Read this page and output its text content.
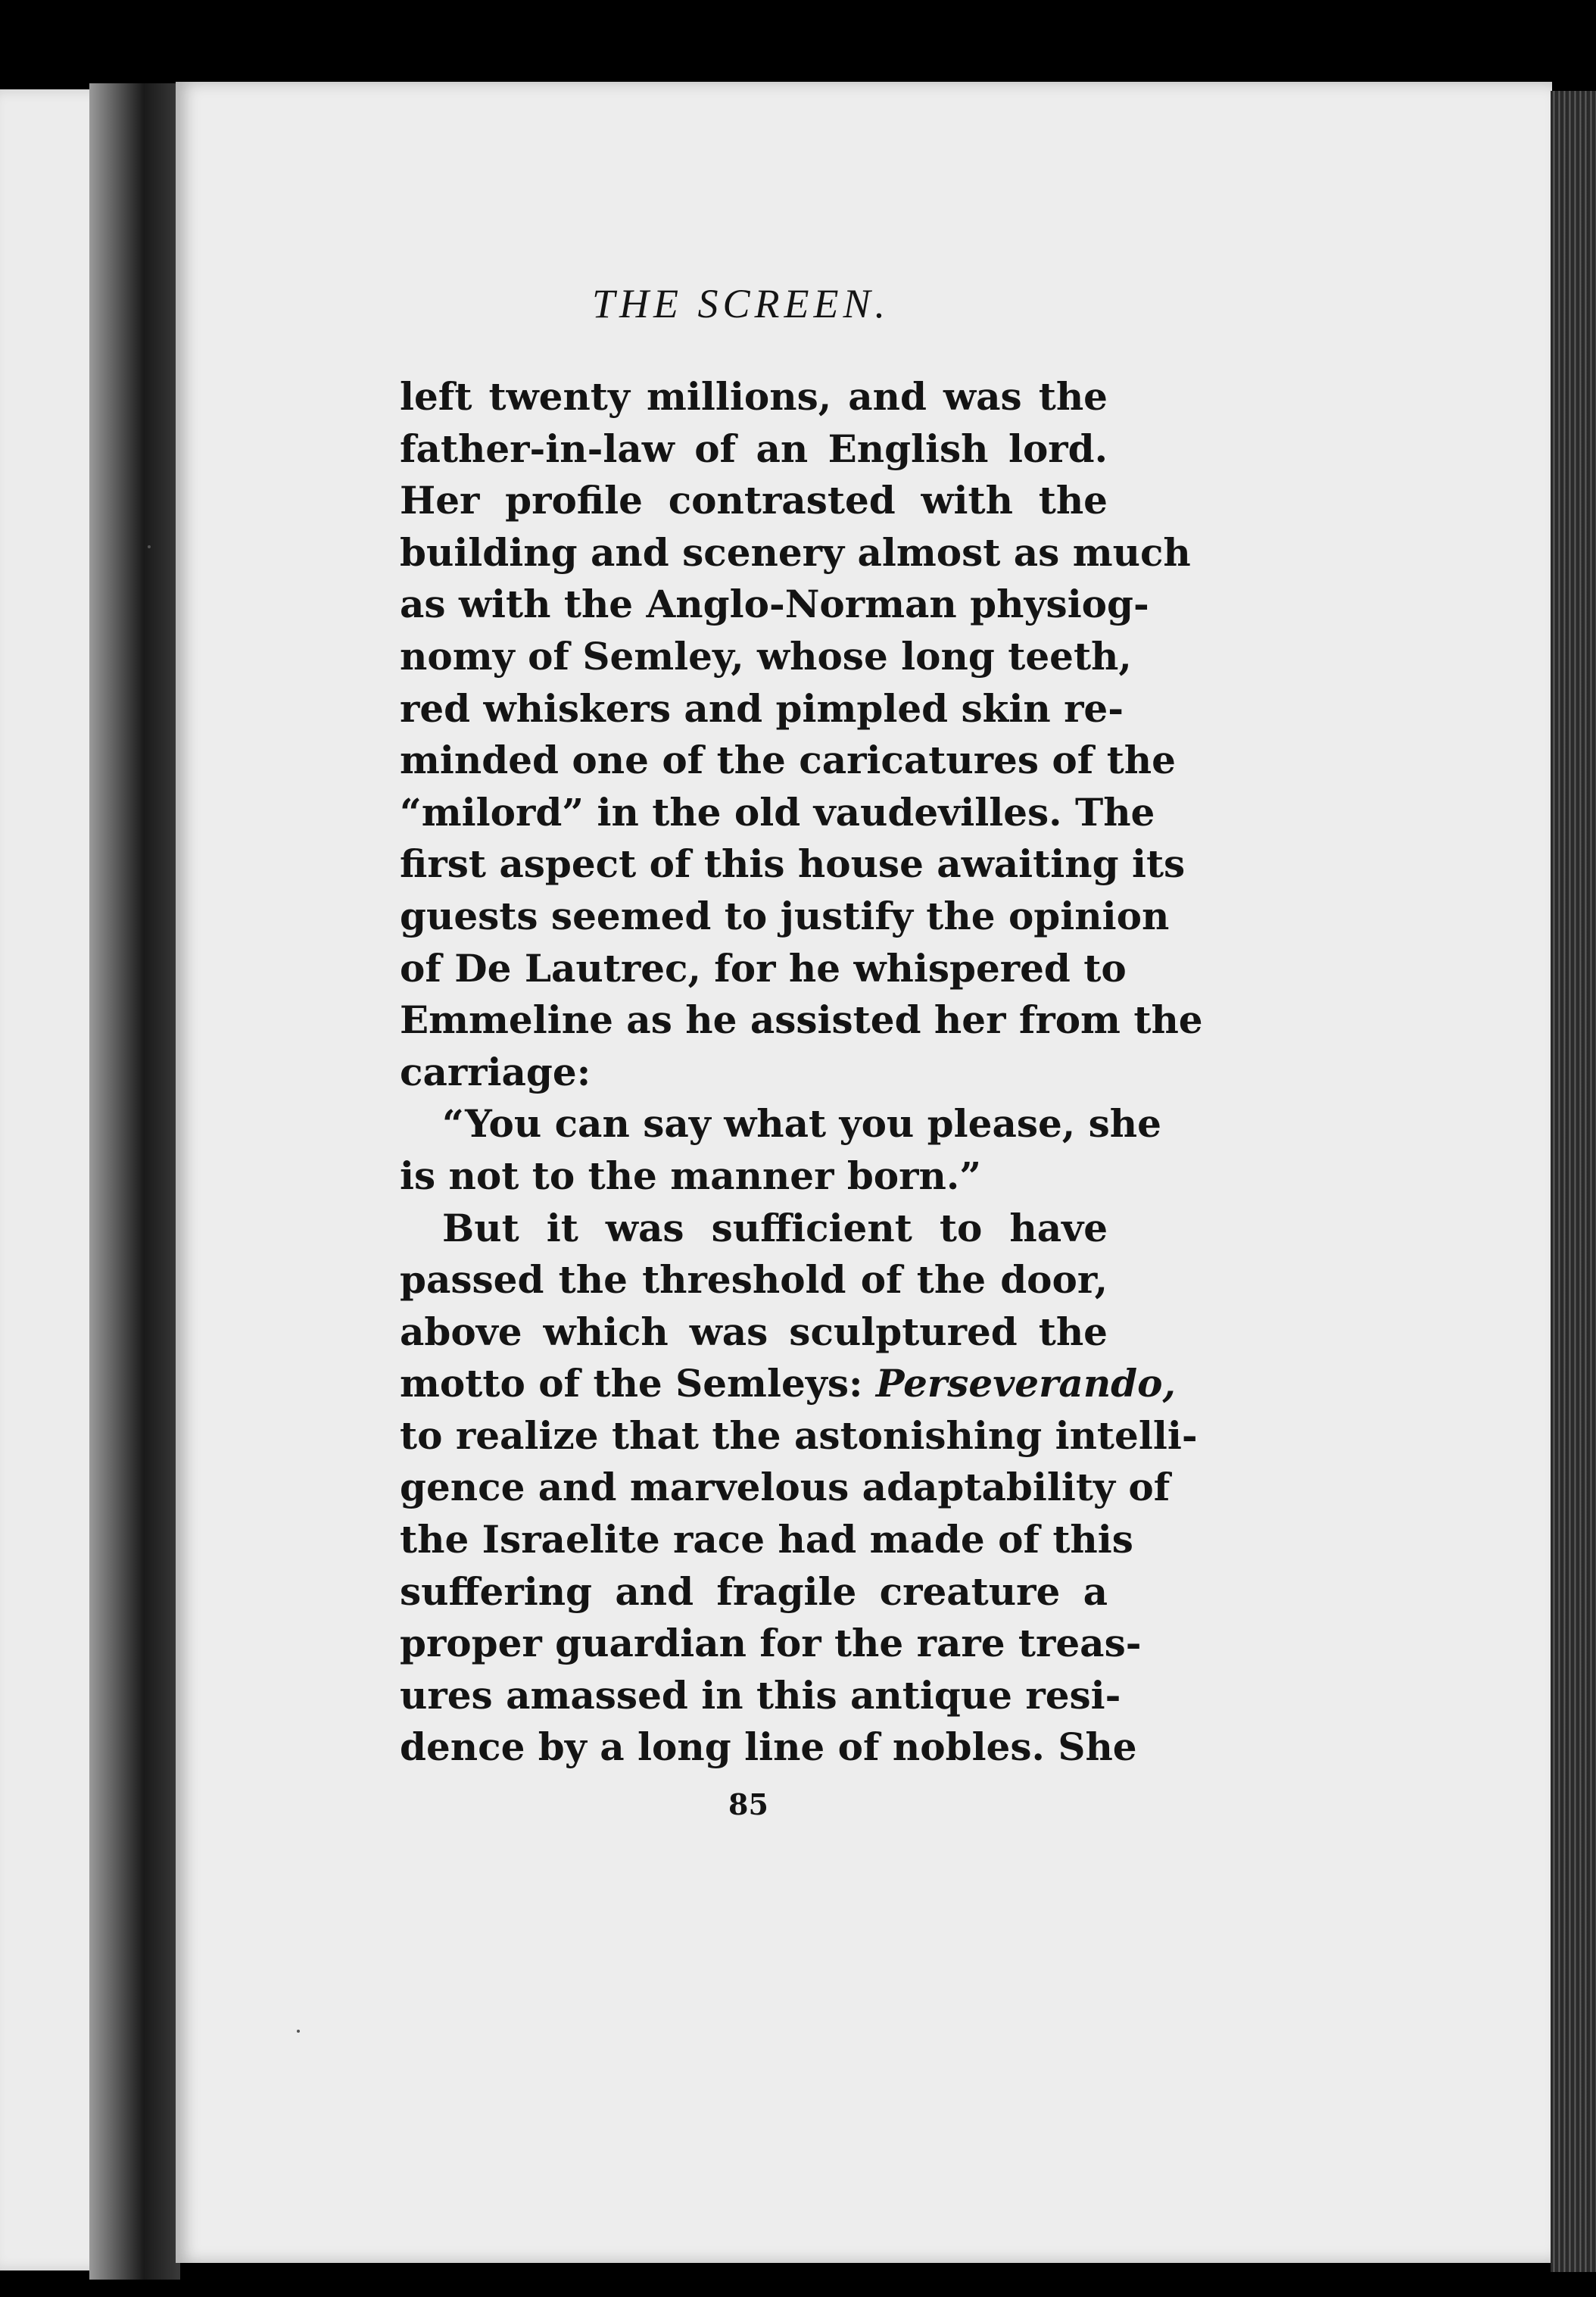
THE SCREEN.
left twenty millions, and was the
father-in-law of an English lord.
Her profile contrasted with the
building and scenery almost as much
as with the Anglo-Norman physiog-
nomy of Semley, whose long teeth,
red whiskers and pimpled skin re-
minded one of the caricatures of the
“milord” in the old vaudevilles. The
first aspect of this house awaiting its
guests seemed to justify the opinion
of De Lautrec, for he whispered to
Emmeline as he assisted her from the
carriage:
“You can say what you please, she
is not to the manner born.”
But it was sufficient to have
passed the threshold of the door,
above which was sculptured the
motto of the Semleys: Perseverando,
to realize that the astonishing intelli-
gence and marvelous adaptability of
the Israelite race had made of this
suffering and fragile creature a
proper guardian for the rare treas-
ures amassed in this antique resi-
dence by a long line of nobles. She
85
